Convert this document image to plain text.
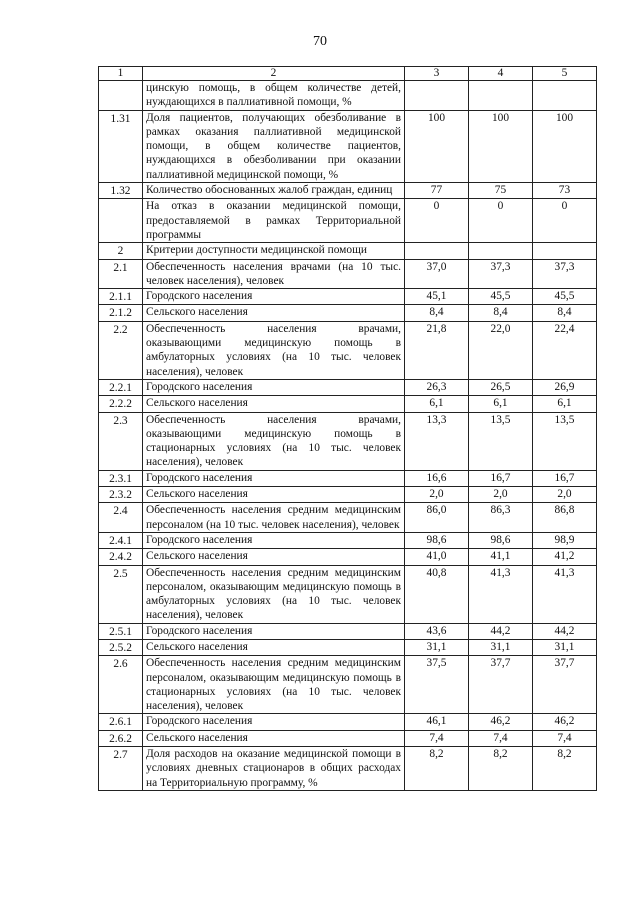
70
1	2	3	4	5
	цинскую помощь, в общем количестве детей, нуждающихся в паллиативной помощи, %			
1.31	Доля пациентов, получающих обезболивание в рамках оказания паллиативной медицинской помощи, в общем количестве пациентов, нуждающихся в обезболивании при оказании паллиативной медицинской помощи, %	100	100	100
1.32	Количество обоснованных жалоб граждан, единиц	77	75	73
	На отказ в оказании медицинской помощи, предоставляемой в рамках Территориальной программы	0	0	0
2	Критерии доступности медицинской помощи			
2.1	Обеспеченность населения врачами (на 10 тыс. человек населения), человек	37,0	37,3	37,3
2.1.1	Городского населения	45,1	45,5	45,5
2.1.2	Сельского населения	8,4	8,4	8,4
2.2	Обеспеченность населения врачами, оказывающими медицинскую помощь в амбулаторных условиях (на 10 тыс. человек населения), человек	21,8	22,0	22,4
2.2.1	Городского населения	26,3	26,5	26,9
2.2.2	Сельского населения	6,1	6,1	6,1
2.3	Обеспеченность населения врачами, оказывающими медицинскую помощь в стационарных условиях (на 10 тыс. человек населения), человек	13,3	13,5	13,5
2.3.1	Городского населения	16,6	16,7	16,7
2.3.2	Сельского населения	2,0	2,0	2,0
2.4	Обеспеченность населения средним медицинским персоналом (на 10 тыс. человек населения), человек	86,0	86,3	86,8
2.4.1	Городского населения	98,6	98,6	98,9
2.4.2	Сельского населения	41,0	41,1	41,2
2.5	Обеспеченность населения средним медицинским персоналом, оказывающим медицинскую помощь в амбулаторных условиях (на 10 тыс. человек населения), человек	40,8	41,3	41,3
2.5.1	Городского населения	43,6	44,2	44,2
2.5.2	Сельского населения	31,1	31,1	31,1
2.6	Обеспеченность населения средним медицинским персоналом, оказывающим медицинскую помощь в стационарных условиях (на 10 тыс. человек населения), человек	37,5	37,7	37,7
2.6.1	Городского населения	46,1	46,2	46,2
2.6.2	Сельского населения	7,4	7,4	7,4
2.7	Доля расходов на оказание медицинской помощи в условиях дневных стационаров в общих расходах на Территориальную программу, %	8,2	8,2	8,2
